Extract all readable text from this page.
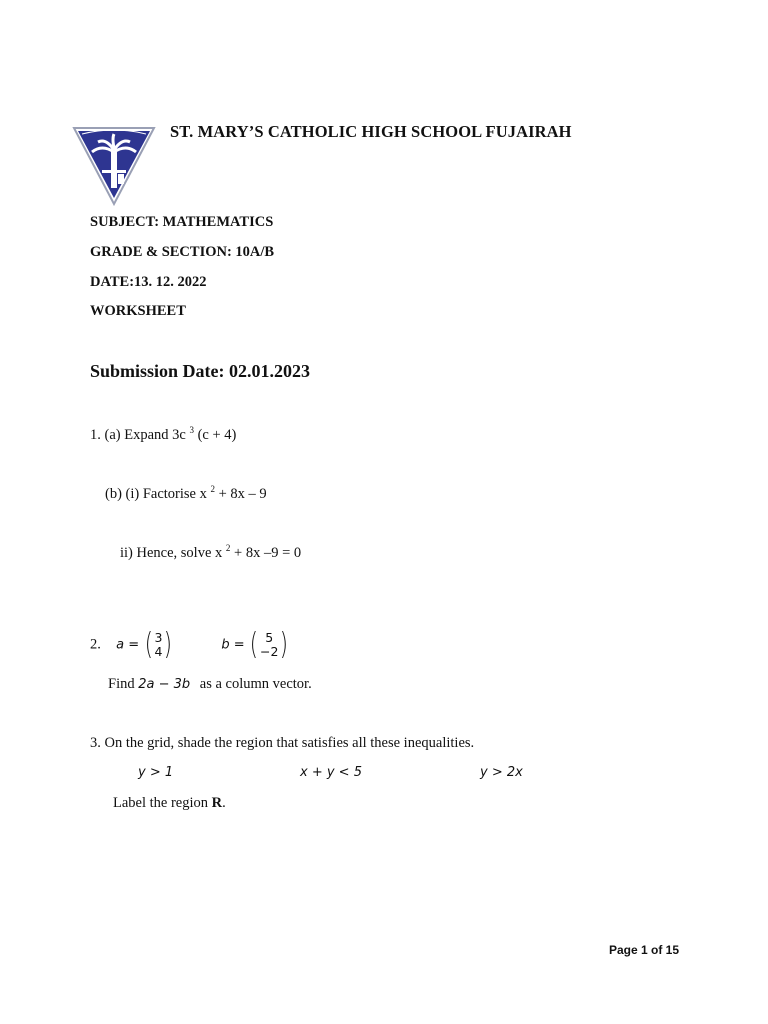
ST. MARY’S CATHOLIC HIGH SCHOOL FUJAIRAH
SUBJECT: MATHEMATICS
GRADE & SECTION: 10A/B
DATE:13. 12. 2022
WORKSHEET
Submission Date: 02.01.2023
1. (a) Expand 3c $^3$ (c + 4)
(b) (i) Factorise x $^2$ + 8x – 9
ii) Hence, solve x $^2$ + 8x –9 = 0
2. a = ( 3
4 )	b = ( 5
−2 )
Find 2a − 3b as a column vector.
3. On the grid, shade the region that satisfies all these inequalities.
y > 1	x + y < 5	y > 2x
Label the region R.
Page 1 of 15
